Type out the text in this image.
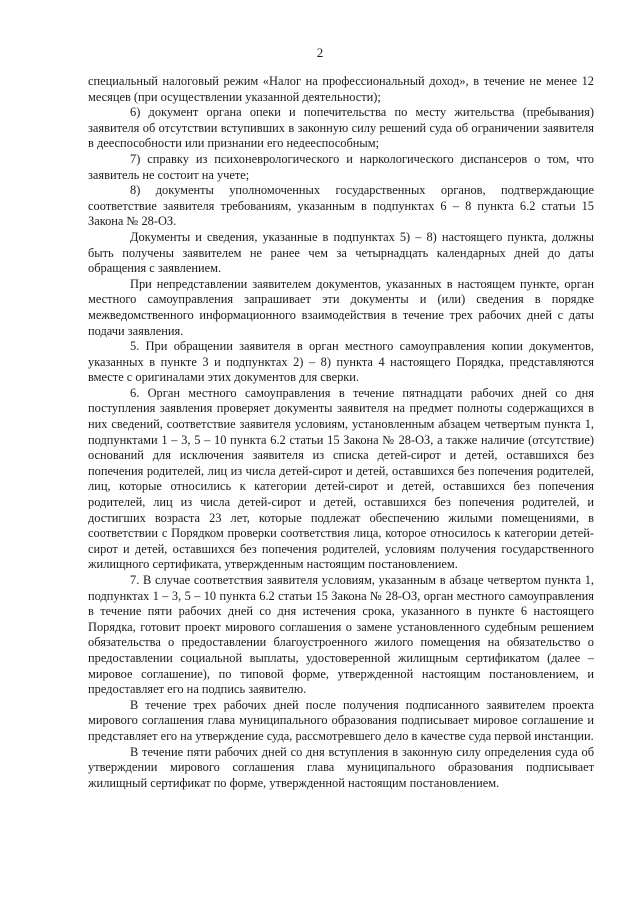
2

специальный налоговый режим «Налог на профессиональный доход», в течение не менее 12 месяцев (при осуществлении указанной деятельности);

6) документ органа опеки и попечительства по месту жительства (пребывания) заявителя об отсутствии вступивших в законную силу решений суда об ограничении заявителя в дееспособности или признании его недееспособным;

7) справку из психоневрологического и наркологического диспансеров о том, что заявитель не состоит на учете;

8) документы уполномоченных государственных органов, подтверждающие соответствие заявителя требованиям, указанным в подпунктах 6 – 8 пункта 6.2 статьи 15 Закона № 28-ОЗ.

Документы и сведения, указанные в подпунктах 5) – 8) настоящего пункта, должны быть получены заявителем не ранее чем за четырнадцать календарных дней до даты обращения с заявлением.

При непредставлении заявителем документов, указанных в настоящем пункте, орган местного самоуправления запрашивает эти документы и (или) сведения в порядке межведомственного информационного взаимодействия в течение трех рабочих дней с даты подачи заявления.

5. При обращении заявителя в орган местного самоуправления копии документов, указанных в пункте 3 и подпунктах 2) – 8) пункта 4 настоящего Порядка, представляются вместе с оригиналами этих документов для сверки.

6. Орган местного самоуправления в течение пятнадцати рабочих дней со дня поступления заявления проверяет документы заявителя на предмет полноты содержащихся в них сведений, соответствие заявителя условиям, установленным абзацем четвертым пункта 1, подпунктами 1 – 3, 5 – 10 пункта 6.2 статьи 15 Закона № 28-ОЗ, а также наличие (отсутствие) оснований для исключения заявителя из списка детей-сирот и детей, оставшихся без попечения родителей, лиц из числа детей-сирот и детей, оставшихся без попечения родителей, лиц, которые относились к категории детей-сирот и детей, оставшихся без попечения родителей, лиц из числа детей-сирот и детей, оставшихся без попечения родителей, и достигших возраста 23 лет, которые подлежат обеспечению жилыми помещениями, в соответствии с Порядком проверки соответствия лица, которое относилось к категории детей-сирот и детей, оставшихся без попечения родителей, условиям получения государственного жилищного сертификата, утвержденным настоящим постановлением.

7. В случае соответствия заявителя условиям, указанным в абзаце четвертом пункта 1, подпунктах 1 – 3, 5 – 10 пункта 6.2 статьи 15 Закона № 28-ОЗ, орган местного самоуправления в течение пяти рабочих дней со дня истечения срока, указанного в пункте 6 настоящего Порядка, готовит проект мирового соглашения о замене установленного судебным решением обязательства о предоставлении благоустроенного жилого помещения на обязательство о предоставлении социальной выплаты, удостоверенной жилищным сертификатом (далее – мировое соглашение), по типовой форме, утвержденной настоящим постановлением, и предоставляет его на подпись заявителю.

В течение трех рабочих дней после получения подписанного заявителем проекта мирового соглашения глава муниципального образования подписывает мировое соглашение и представляет его на утверждение суда, рассмотревшего дело в качестве суда первой инстанции.

В течение пяти рабочих дней со дня вступления в законную силу определения суда об утверждении мирового соглашения глава муниципального образования подписывает жилищный сертификат по форме, утвержденной настоящим постановлением.
